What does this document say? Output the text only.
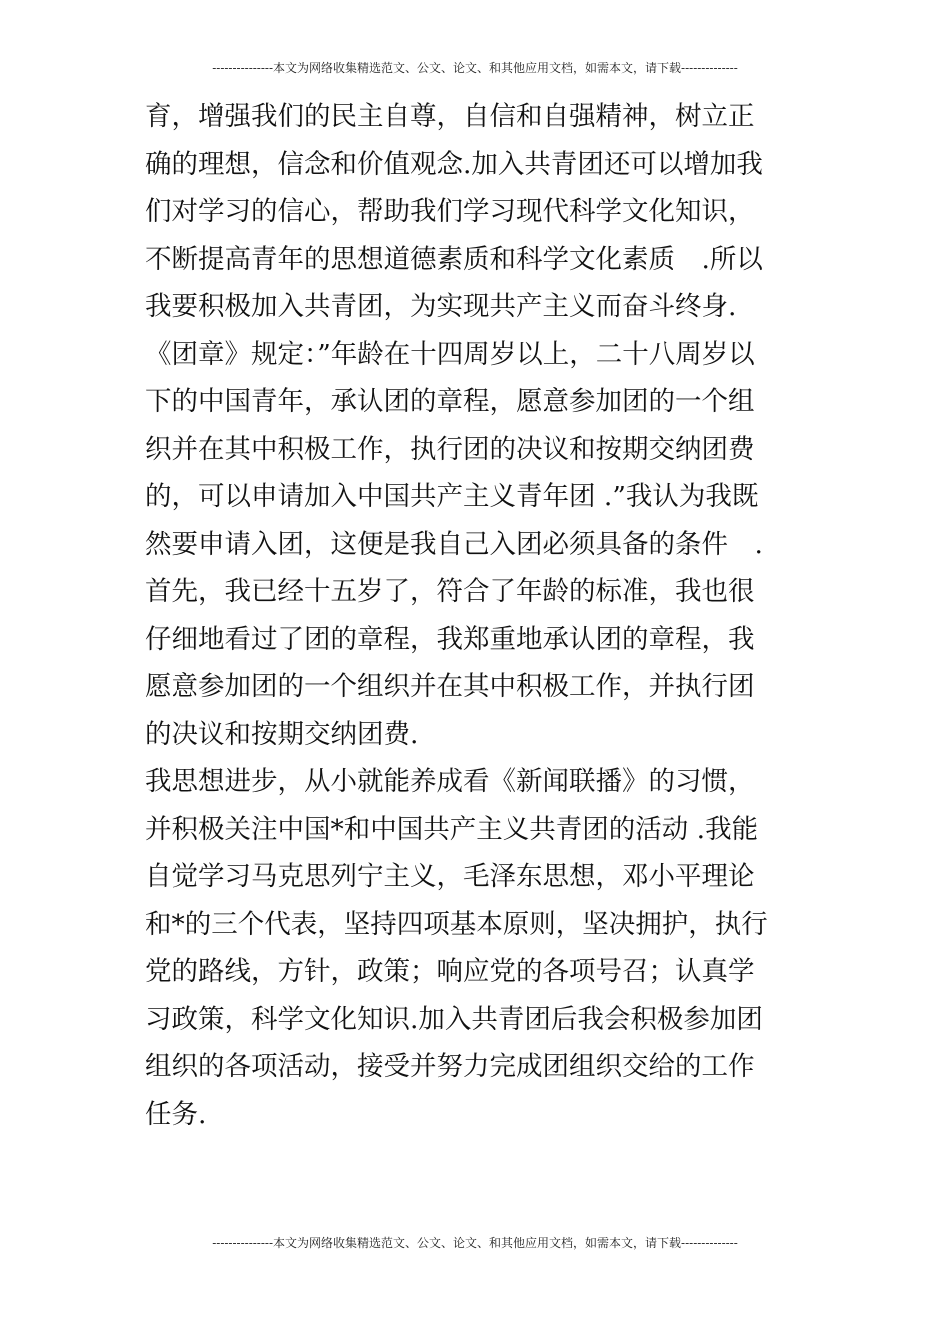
---------------本文为网络收集精选范文、公文、论文、和其他应用文档，如需本文，请下载--------------
育，增强我们的民主自尊，自信和自强精神，树立正
确的理想，信念和价值观念.加入共青团还可以增加我
们对学习的信心，帮助我们学习现代科学文化知识，
不断提高青年的思想道德素质和科学文化素质　.所以
我要积极加入共青团，为实现共产主义而奋斗终身.
《团章》规定：”年龄在十四周岁以上，二十八周岁以
下的中国青年，承认团的章程，愿意参加团的一个组
织并在其中积极工作，执行团的决议和按期交纳团费
的，可以申请加入中国共产主义青年团 .”我认为我既
然要申请入团，这便是我自己入团必须具备的条件　.
首先，我已经十五岁了，符合了年龄的标准，我也很
仔细地看过了团的章程，我郑重地承认团的章程，我
愿意参加团的一个组织并在其中积极工作，并执行团
的决议和按期交纳团费.
我思想进步，从小就能养成看《新闻联播》的习惯，
并积极关注中国*和中国共产主义共青团的活动 .我能
自觉学习马克思列宁主义，毛泽东思想，邓小平理论
和*的三个代表，坚持四项基本原则，坚决拥护，执行
党的路线，方针，政策；响应党的各项号召；认真学
习政策，科学文化知识.加入共青团后我会积极参加团
组织的各项活动，接受并努力完成团组织交给的工作
任务.
---------------本文为网络收集精选范文、公文、论文、和其他应用文档，如需本文，请下载--------------
